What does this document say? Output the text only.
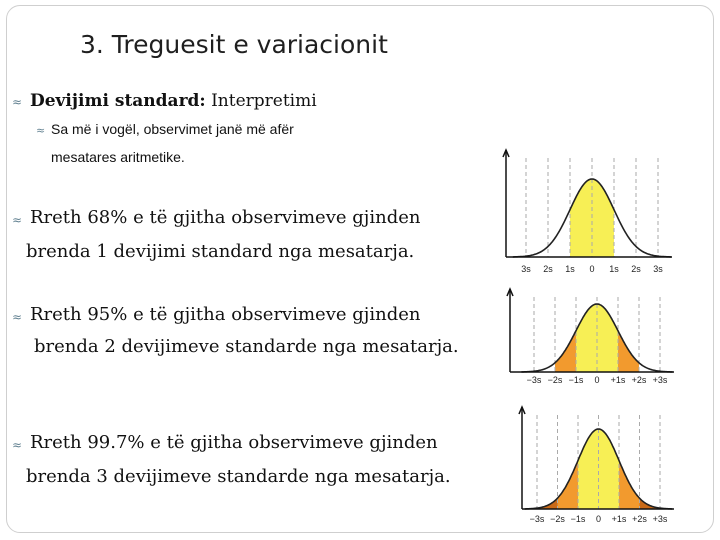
3. Treguesit e variacionit
≈ Devijimi standard: Interpretimi
≈ Sa më i vogël, observimet janë më afër
mesatares aritmetike.
≈ Rreth 68% e të gjitha observimeve gjinden
brenda 1 devijimi standard nga mesatarja.
≈ Rreth 95% e të gjitha observimeve gjinden
brenda 2 devijimeve standarde nga mesatarja.
≈ Rreth 99.7% e të gjitha observimeve gjinden
brenda 3 devijimeve standarde nga mesatarja.
3s 2s 1s 0 1s 2s 3s
−3s −2s −1s 0 +1s +2s +3s
−3s −2s −1s 0 +1s +2s +3s
